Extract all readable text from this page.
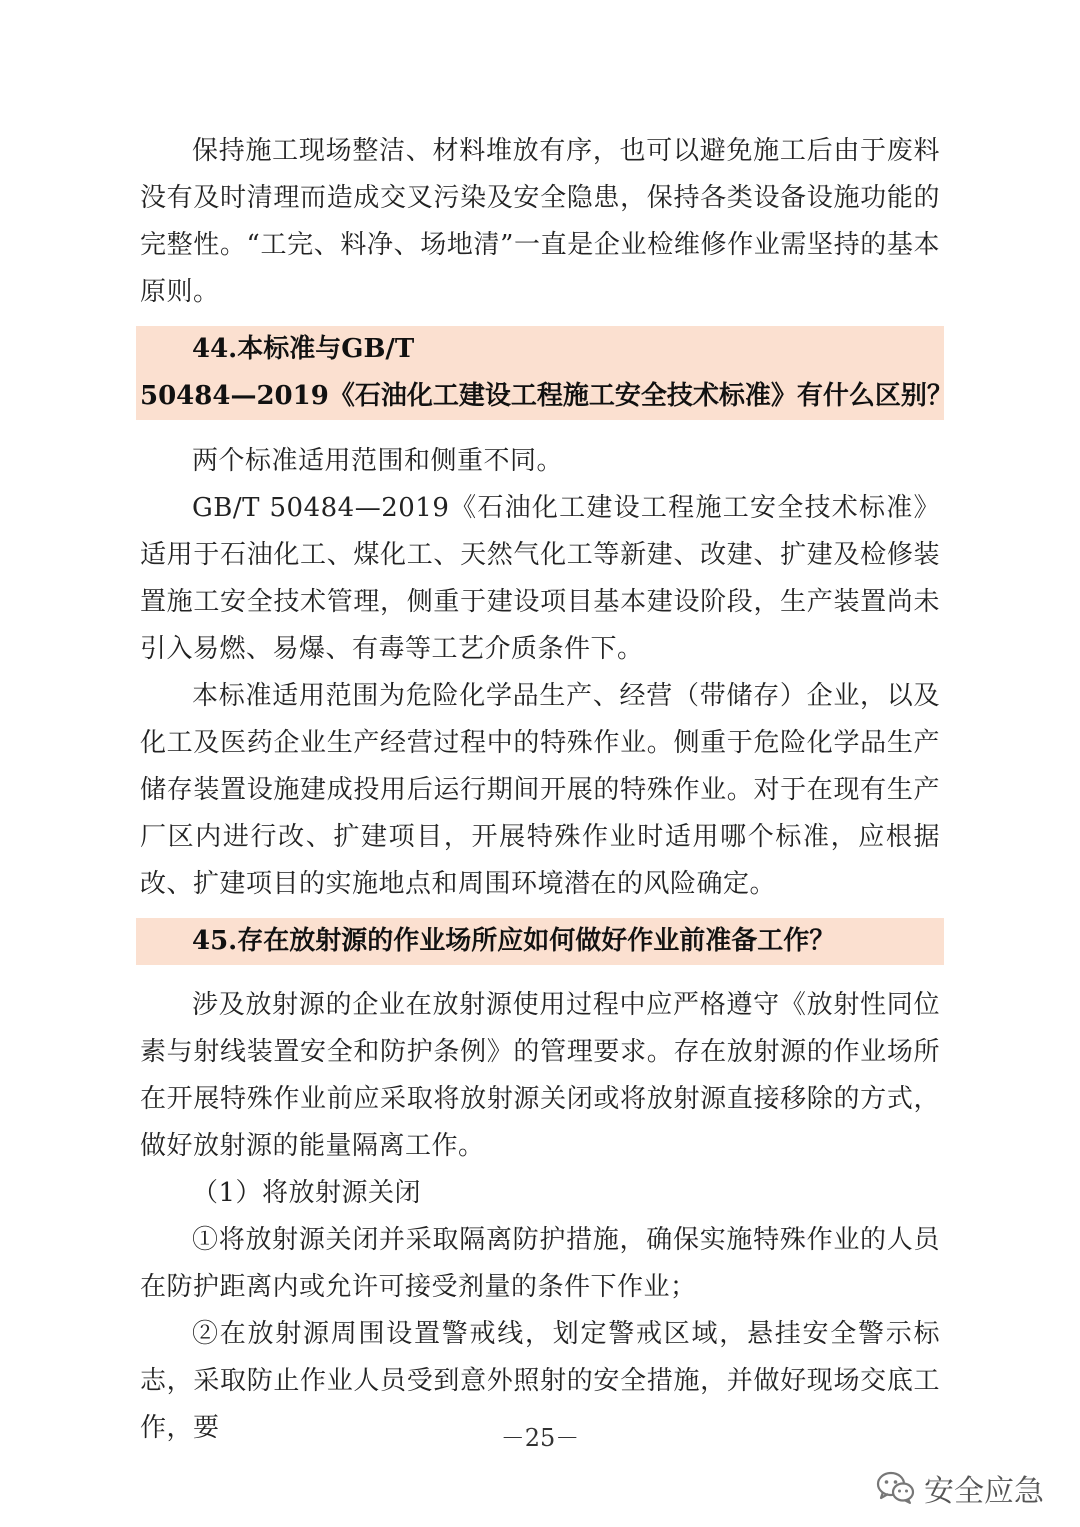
保持施工现场整洁、材料堆放有序，也可以避免施工后由于废料没有及时清理而造成交叉污染及安全隐患，保持各类设备设施功能的完整性。“工完、料净、场地清”一直是企业检维修作业需坚持的基本原则。

44.本标准与GB/T
50484—2019《石油化工建设工程施工安全技术标准》有什么区别？

两个标准适用范围和侧重不同。

GB/T 50484—2019《石油化工建设工程施工安全技术标准》适用于石油化工、煤化工、天然气化工等新建、改建、扩建及检修装置施工安全技术管理，侧重于建设项目基本建设阶段，生产装置尚未引入易燃、易爆、有毒等工艺介质条件下。

本标准适用范围为危险化学品生产、经营（带储存）企业，以及化工及医药企业生产经营过程中的特殊作业。侧重于危险化学品生产储存装置设施建成投用后运行期间开展的特殊作业。对于在现有生产厂区内进行改、扩建项目，开展特殊作业时适用哪个标准，应根据改、扩建项目的实施地点和周围环境潜在的风险确定。

45.存在放射源的作业场所应如何做好作业前准备工作？

涉及放射源的企业在放射源使用过程中应严格遵守《放射性同位素与射线装置安全和防护条例》的管理要求。存在放射源的作业场所在开展特殊作业前应采取将放射源关闭或将放射源直接移除的方式，做好放射源的能量隔离工作。

（1）将放射源关闭

①将放射源关闭并采取隔离防护措施，确保实施特殊作业的人员在防护距离内或允许可接受剂量的条件下作业；

②在放射源周围设置警戒线，划定警戒区域，悬挂安全警示标志，采取防止作业人员受到意外照射的安全措施，并做好现场交底工作，要	－25－
安全应急
